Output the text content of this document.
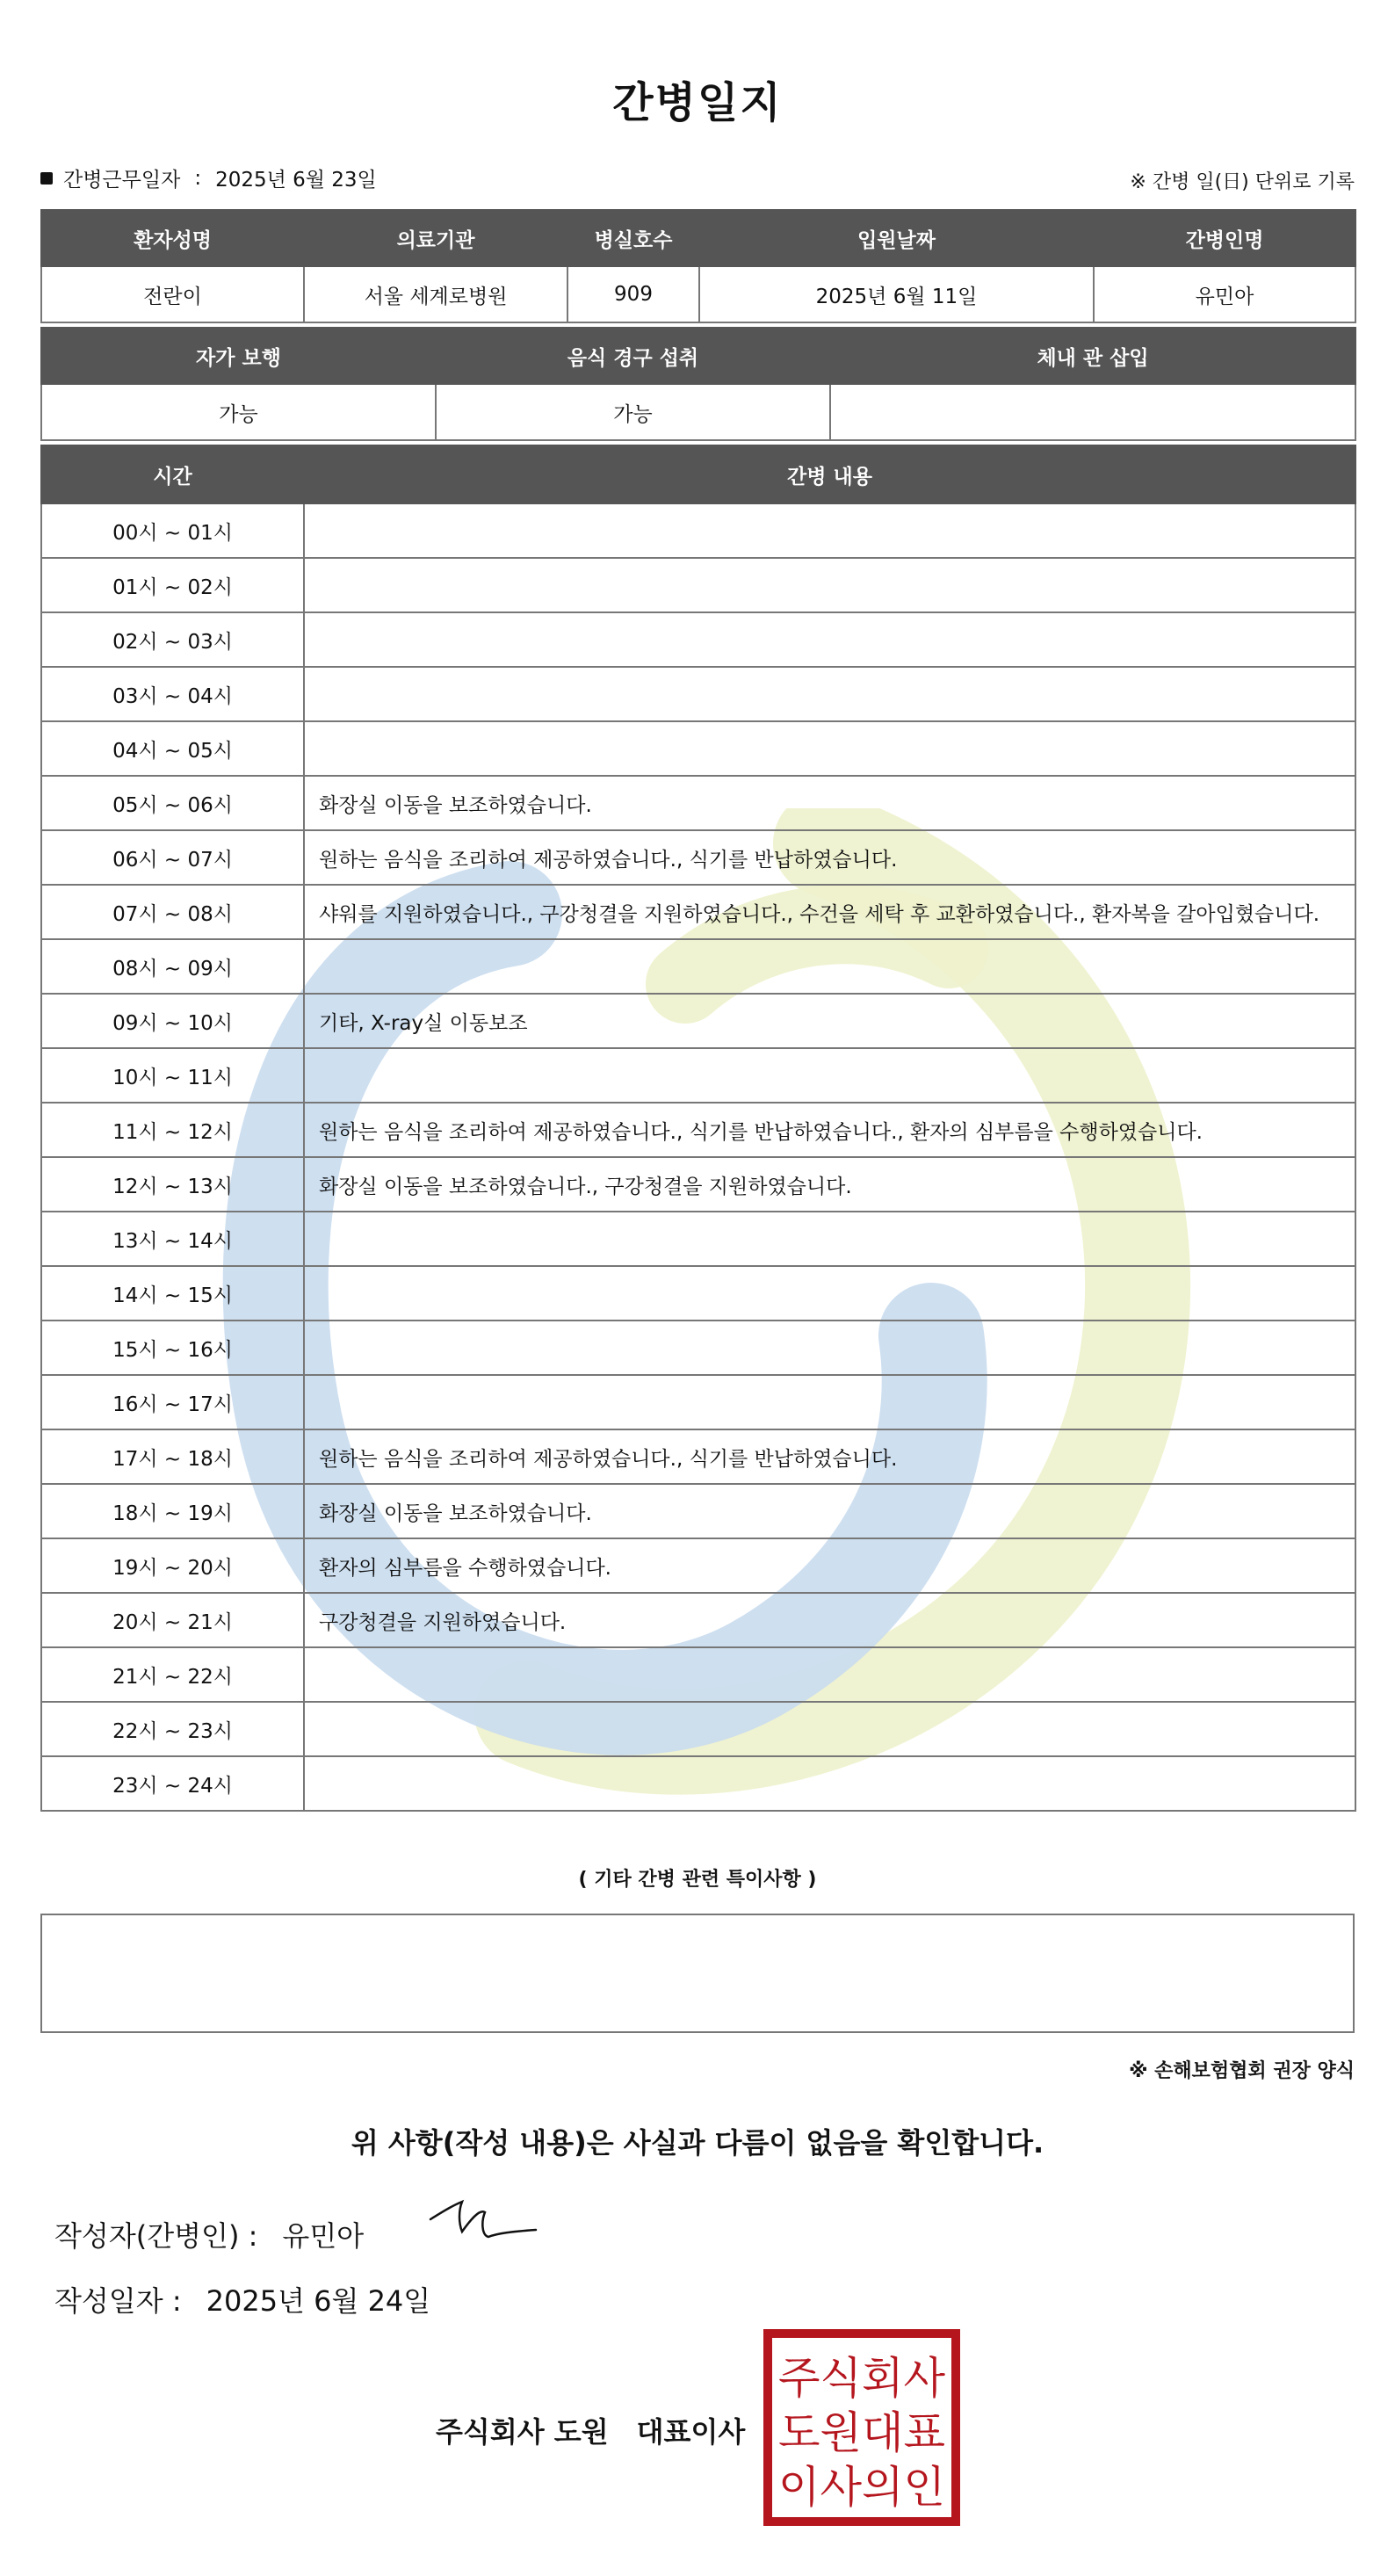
간병일지
간병근무일자 : 2025년 6월 23일	※ 간병 일(日) 단위로 기록
환자성명	의료기관	병실호수	입원날짜	간병인명
전란이	서울 세계로병원	909	2025년 6월 11일	유민아
자가 보행	음식 경구 섭취	체내 관 삽입
가능	가능	
시간	간병 내용
00시 ~ 01시	
01시 ~ 02시	
02시 ~ 03시	
03시 ~ 04시	
04시 ~ 05시	
05시 ~ 06시	화장실 이동을 보조하였습니다.
06시 ~ 07시	원하는 음식을 조리하여 제공하였습니다., 식기를 반납하였습니다.
07시 ~ 08시	샤워를 지원하였습니다., 구강청결을 지원하였습니다., 수건을 세탁 후 교환하였습니다., 환자복을 갈아입혔습니다.
08시 ~ 09시	
09시 ~ 10시	기타, X-ray실 이동보조
10시 ~ 11시	
11시 ~ 12시	원하는 음식을 조리하여 제공하였습니다., 식기를 반납하였습니다., 환자의 심부름을 수행하였습니다.
12시 ~ 13시	화장실 이동을 보조하였습니다., 구강청결을 지원하였습니다.
13시 ~ 14시	
14시 ~ 15시	
15시 ~ 16시	
16시 ~ 17시	
17시 ~ 18시	원하는 음식을 조리하여 제공하였습니다., 식기를 반납하였습니다.
18시 ~ 19시	화장실 이동을 보조하였습니다.
19시 ~ 20시	환자의 심부름을 수행하였습니다.
20시 ~ 21시	구강청결을 지원하였습니다.
21시 ~ 22시	
22시 ~ 23시	
23시 ~ 24시	
( 기타 간병 관련 특이사항 )
※ 손해보험협회 권장 양식
위 사항(작성 내용)은 사실과 다름이 없음을 확인합니다.
작성자(간병인) : 유민아
작성일자 : 2025년 6월 24일
주식회사 도원 대표이사
주식회사
도원대표
이사의인
